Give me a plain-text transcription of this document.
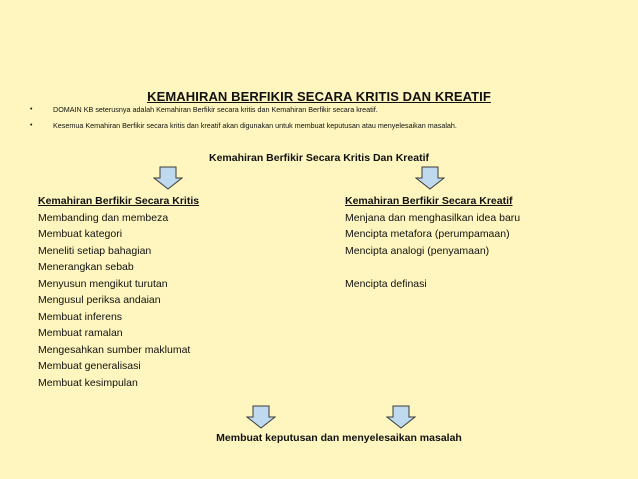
KEMAHIRAN BERFIKIR SECARA KRITIS DAN KREATIF
•	DOMAIN KB seterusnya adalah Kemahiran Berfikir secara kritis dan Kemahiran Berfikir secara kreatif.
•	Kesemua Kemahiran Berfikir secara kritis dan kreatif akan digunakan untuk membuat keputusan atau menyelesaikan masalah.
Kemahiran Berfikir Secara Kritis Dan Kreatif
Kemahiran Berfikir Secara Kritis
Membanding dan membeza
Membuat kategori
Meneliti setiap bahagian
Menerangkan sebab
Menyusun mengikut turutan
Mengusul periksa andaian
Membuat inferens
Membuat ramalan
Mengesahkan sumber maklumat
Membuat generalisasi
Membuat kesimpulan
Kemahiran Berfikir Secara Kreatif
Menjana dan menghasilkan idea baru
Mencipta metafora (perumpamaan)
Mencipta analogi (penyamaan)
Mencipta definasi
Membuat keputusan dan menyelesaikan masalah
